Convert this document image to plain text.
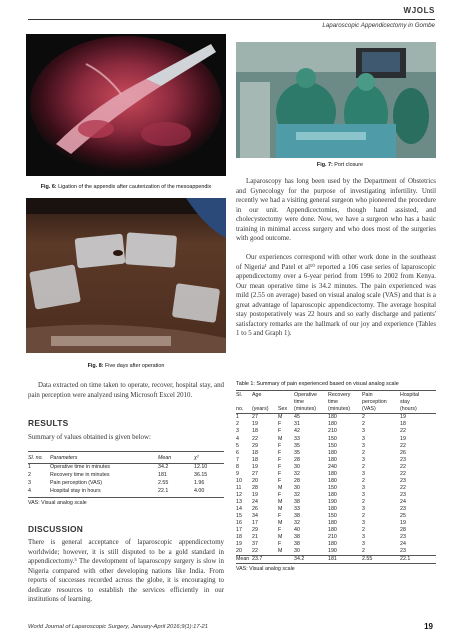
WJOLS
Laparoscopic Appendicectomy in Gombe
Fig. 6: Ligation of the appendix after cauterization of the mesoappendix
Fig. 8: Five days after operation
Fig. 7: Port closure
Laparoscopy has long been used by the Department of Obstetrics and Gynecology for the purpose of investigating infertility. Until recently we had a visiting general surgeon who pioneered the procedure in our unit. Appendicectomies, though hand assisted, and cholecystectomy were done. Now, we have a surgeon who has a basic training in minimal access surgery and who does most of the surgeries with good outcome.
Our experiences correspond with other work done in the southeast of Nigeria¹ and Patel et al¹⁰ reported a 106 case series of laparoscopic appendicectomy over a 6-year period from 1996 to 2002 from Kenya. Our mean operative time is 34.2 minutes. The pain experienced was mild (2.55 on average) based on visual analog scale (VAS) and that is a great advantage of laparoscopic appendicectomy. The average hospital stay postoperatively was 22 hours and so early discharge and patients' satisfactory remarks are the hallmark of our joy and experience (Tables 1 to 5 and Graph 1).
Data extracted on time taken to operate, recover, hospital stay, and pain perception were analyzed using Microsoft Excel 2010.
RESULTS
Summary of values obtained is given below:
Sl. no.	Parameters	Mean	χ²
1	Operative time in minutes	34.2	12.10
2	Recovery time in minutes	181	36.15
3	Pain perception (VAS)	2.55	1.96
4	Hospital stay in hours	22.1	4.00
VAS: Visual analog scale
DISCUSSION
There is general acceptance of laparoscopic appendicectomy worldwide; however, it is still disputed to be a gold standard in appendicectomy.⁵ The development of laparoscopy surgery is slow in Nigeria compared with other developing nations like India. From reports of successes recorded across the globe, it is encouraging to dedicate resources to establish the services efficiently in our institutions of learning.
Table 1: Summary of pain experienced based on visual analog scale
Sl.	Age		Operative	Recovery	Pain	Hospital
			time	time	perception	stay
no.	(years)	Sex	(minutes)	(minutes)	(VAS)	(hours)
1	27	M	45	180	2	19
2	19	F	31	180	2	18
3	18	F	42	210	3	22
4	22	M	33	150	3	19
5	29	F	35	150	3	22
6	18	F	35	180	2	26
7	18	F	28	180	3	23
8	19	F	30	240	2	22
9	27	F	32	180	3	22
10	20	F	28	180	2	23
11	28	M	30	150	3	22
12	19	F	32	180	3	23
13	24	M	38	190	2	24
14	26	M	33	180	3	23
15	34	F	38	150	2	25
16	17	M	32	180	3	19
17	29	F	40	180	2	28
18	21	M	38	210	3	23
19	37	F	38	180	3	24
20	22	M	30	190	2	23
Mean	23.7		34.2	181	2.55	22.1
VAS: Visual analog scale
World Journal of Laparoscopic Surgery, January-April 2016;9(1):17-21	19
